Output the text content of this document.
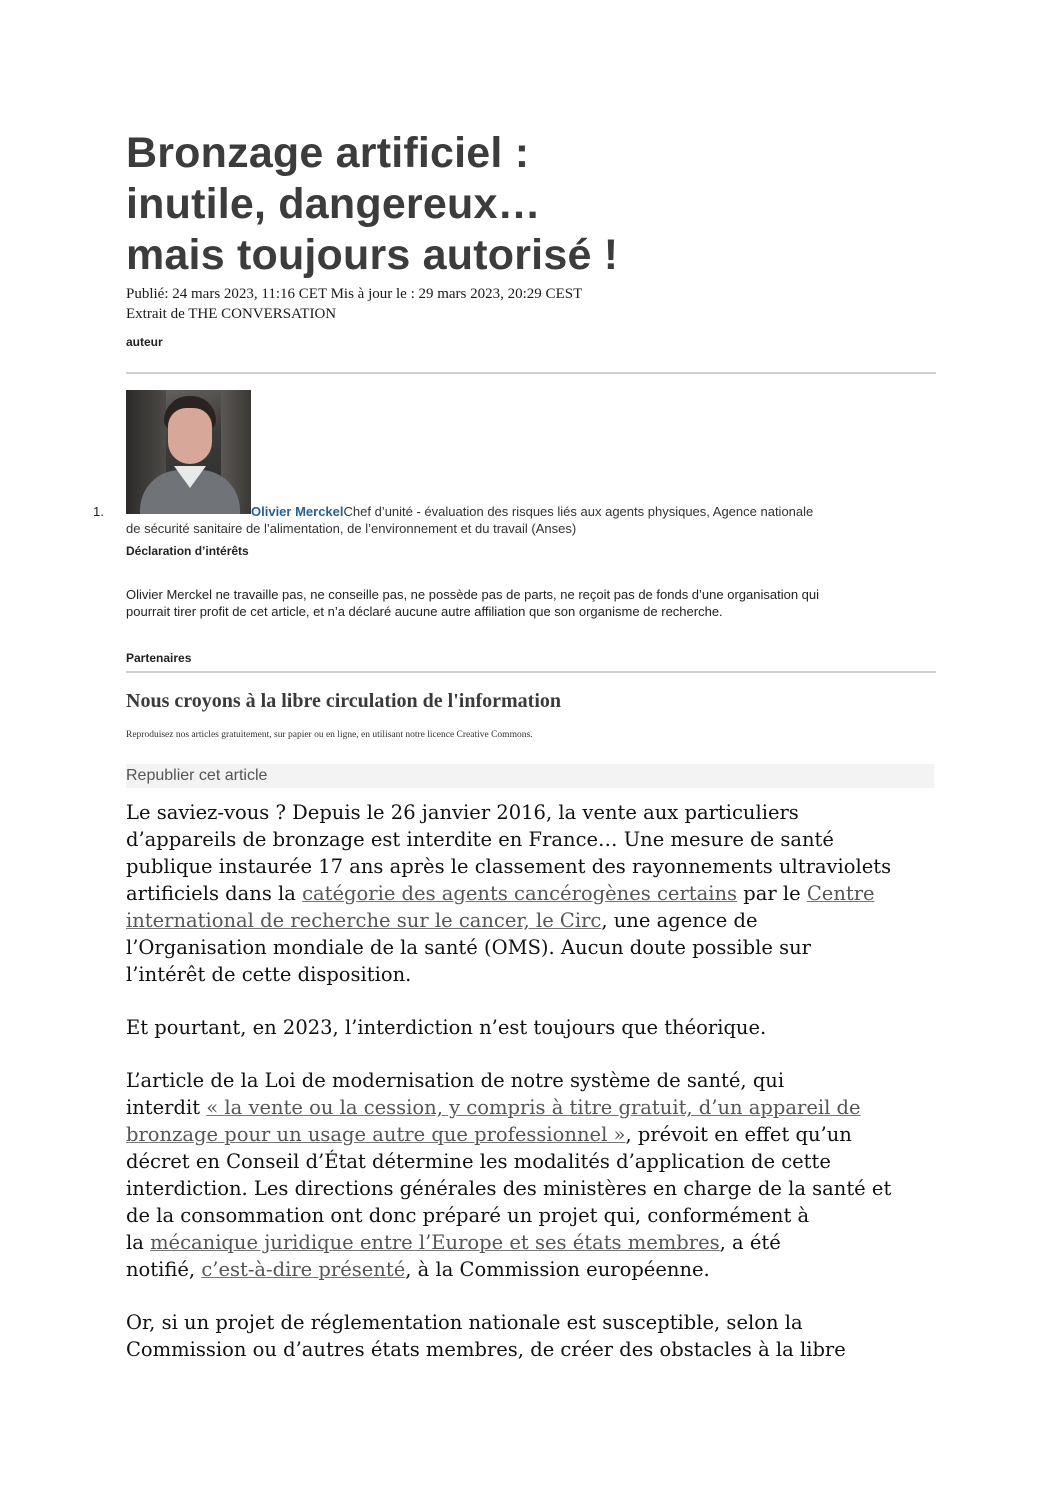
Bronzage artificiel :
inutile, dangereux…
mais toujours autorisé !
Publié: 24 mars 2023, 11:16 CET Mis à jour le : 29 mars 2023, 20:29 CEST
Extrait de THE CONVERSATION
auteur
1.	Olivier MerckelChef d’unité - évaluation des risques liés aux agents physiques, Agence nationale
de sécurité sanitaire de l’alimentation, de l’environnement et du travail (Anses)
Déclaration d’intérêts
Olivier Merckel ne travaille pas, ne conseille pas, ne possède pas de parts, ne reçoit pas de fonds d’une organisation qui
pourrait tirer profit de cet article, et n’a déclaré aucune autre affiliation que son organisme de recherche.
Partenaires
Nous croyons à la libre circulation de l'information
Reproduisez nos articles gratuitement, sur papier ou en ligne, en utilisant notre licence Creative Commons.
Republier cet article

Le saviez-vous ? Depuis le 26 janvier 2016, la vente aux particuliers
d’appareils de bronzage est interdite en France… Une mesure de santé
publique instaurée 17 ans après le classement des rayonnements ultraviolets
artificiels dans la catégorie des agents cancérogènes certains par le Centre
international de recherche sur le cancer, le Circ, une agence de
l’Organisation mondiale de la santé (OMS). Aucun doute possible sur
l’intérêt de cette disposition.

Et pourtant, en 2023, l’interdiction n’est toujours que théorique.

L’article de la Loi de modernisation de notre système de santé, qui
interdit « la vente ou la cession, y compris à titre gratuit, d’un appareil de
bronzage pour un usage autre que professionnel », prévoit en effet qu’un
décret en Conseil d’État détermine les modalités d’application de cette
interdiction. Les directions générales des ministères en charge de la santé et
de la consommation ont donc préparé un projet qui, conformément à
la mécanique juridique entre l’Europe et ses états membres, a été
notifié, c’est-à-dire présenté, à la Commission européenne.

Or, si un projet de réglementation nationale est susceptible, selon la
Commission ou d’autres états membres, de créer des obstacles à la libre
